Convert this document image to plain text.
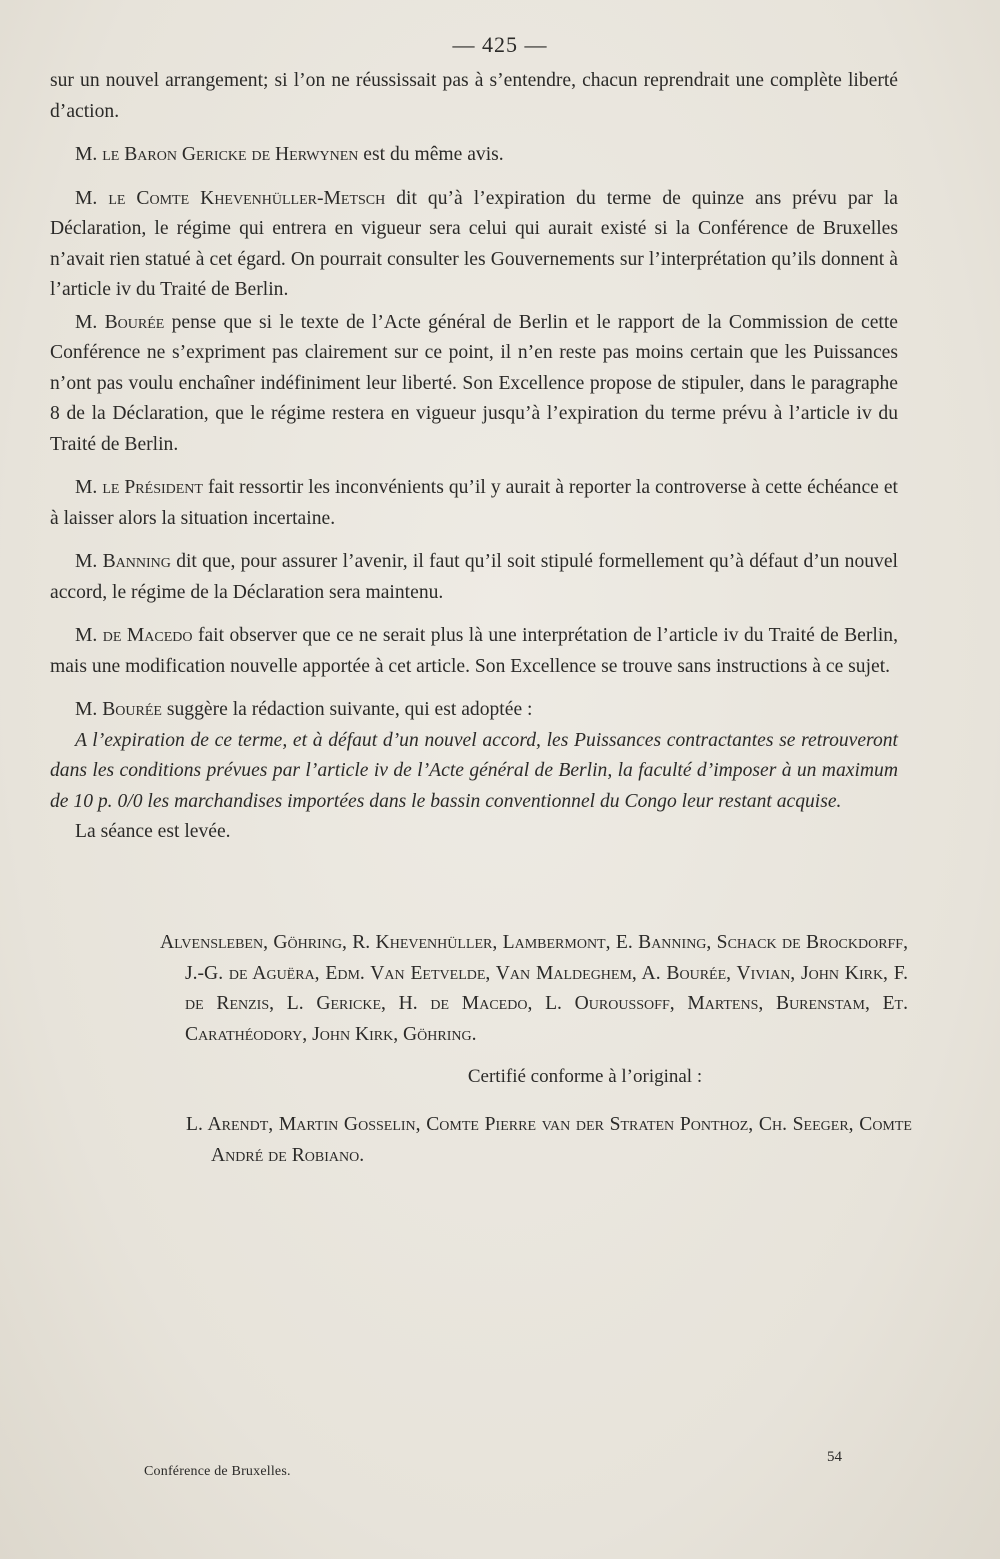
— 425 —

sur un nouvel arrangement; si l’on ne réussissait pas à s’entendre, chacun reprendrait une complète liberté d’action.

M. le Baron Gericke de Herwynen est du même avis.

M. le Comte Khevenhüller-Metsch dit qu’à l’expiration du terme de quinze ans prévu par la Déclaration, le régime qui entrera en vigueur sera celui qui aurait existé si la Conférence de Bruxelles n’avait rien statué à cet égard. On pourrait consulter les Gouvernements sur l’interprétation qu’ils donnent à l’article iv du Traité de Berlin.

M. Bourée pense que si le texte de l’Acte général de Berlin et le rapport de la Commission de cette Conférence ne s’expriment pas clairement sur ce point, il n’en reste pas moins certain que les Puissances n’ont pas voulu enchaîner indéfiniment leur liberté. Son Excellence propose de stipuler, dans le paragraphe 8 de la Déclaration, que le régime restera en vigueur jusqu’à l’expiration du terme prévu à l’article iv du Traité de Berlin.

M. le Président fait ressortir les inconvénients qu’il y aurait à reporter la controverse à cette échéance et à laisser alors la situation incertaine.

M. Banning dit que, pour assurer l’avenir, il faut qu’il soit stipulé formellement qu’à défaut d’un nouvel accord, le régime de la Déclaration sera maintenu.

M. de Macedo fait observer que ce ne serait plus là une interprétation de l’article iv du Traité de Berlin, mais une modification nouvelle apportée à cet article. Son Excellence se trouve sans instructions à ce sujet.

M. Bourée suggère la rédaction suivante, qui est adoptée :

A l’expiration de ce terme, et à défaut d’un nouvel accord, les Puissances contractantes se retrouveront dans les conditions prévues par l’article iv de l’Acte général de Berlin, la faculté d’imposer à un maximum de 10 p. 0/0 les marchandises importées dans le bassin conventionnel du Congo leur restant acquise.

La séance est levée.

Alvensleben, Göhring, R. Khevenhüller, Lambermont, E. Banning, Schack de Brockdorff, J.-G. de Aguëra, Edm. Van Eetvelde, Van Maldeghem, A. Bourée, Vivian, John Kirk, F. de Renzis, L. Gericke, H. de Macedo, L. Ouroussoff, Martens, Burenstam, Et. Carathéodory, John Kirk, Göhring.

Certifié conforme à l’original :
L. Arendt, Martin Gosselin, Comte Pierre van der Straten Ponthoz, Ch. Seeger, Comte André de Robiano.
Conférence de Bruxelles.
54
